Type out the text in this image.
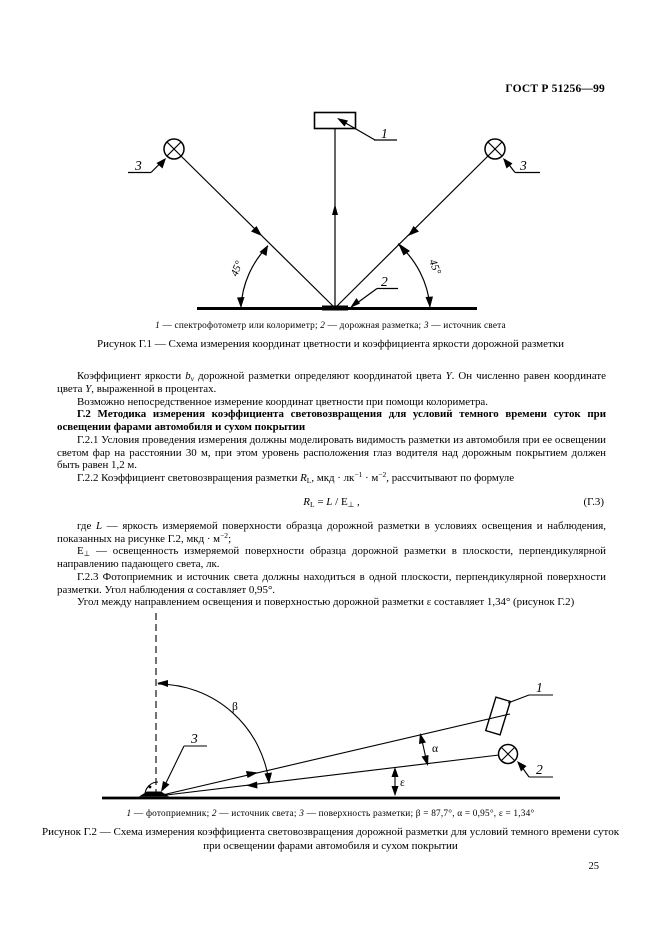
ГОСТ Р 51256—99
1
3	3
2
45°	45°
1 — спектрофотометр или колориметр; 2 — дорожная разметка; 3 — источник света
Рисунок Г.1 — Схема измерения координат цветности и коэффициента яркости дорожной разметки

Коэффициент яркости $b_v$ дорожной разметки определяют координатой цвета Y. Он численно равен координате цвета Y, выраженной в процентах.

Возможно непосредственное измерение координат цветности при помощи колориметра.

Г.2 Методика измерения коэффициента световозвращения для условий темного времени суток при освещении фарами автомобиля и сухом покрытии

Г.2.1 Условия проведения измерения должны моделировать видимость разметки из автомобиля при ее освещении светом фар на расстоянии 30 м, при этом уровень расположения глаз водителя над дорожным покрытием должен быть равен 1,2 м.

Г.2.2 Коэффициент световозвращения разметки $R_L$, мкд · $лк^{-1} \cdot м^{-2}$, рассчитывают по формуле

$R_L = L / Е_\perp$ ,	(Г.3)

где L — яркость измеряемой поверхности образца дорожной разметки в условиях освещения и наблюдения, показанных на рисунке Г.2, мкд · $м^{-2}$;

$Е_\perp$ — освещенность измеряемой поверхности образца дорожной разметки в плоскости, перпендикулярной направлению падающего света, лк.

Г.2.3 Фотоприемник и источник света должны находиться в одной плоскости, перпендикулярной поверхности разметки. Угол наблюдения α составляет 0,95°.

Угол между направлением освещения и поверхностью дорожной разметки ε составляет 1,34° (рисунок Г.2)

1
2
3
β
α
ε
1 — фотоприемник; 2 — источник света; 3 — поверхность разметки; β = 87,7°, α = 0,95°, ε = 1,34°
Рисунок Г.2 — Схема измерения коэффициента световозвращения дорожной разметки для условий темного времени суток при освещении фарами автомобиля и сухом покрытии
25
